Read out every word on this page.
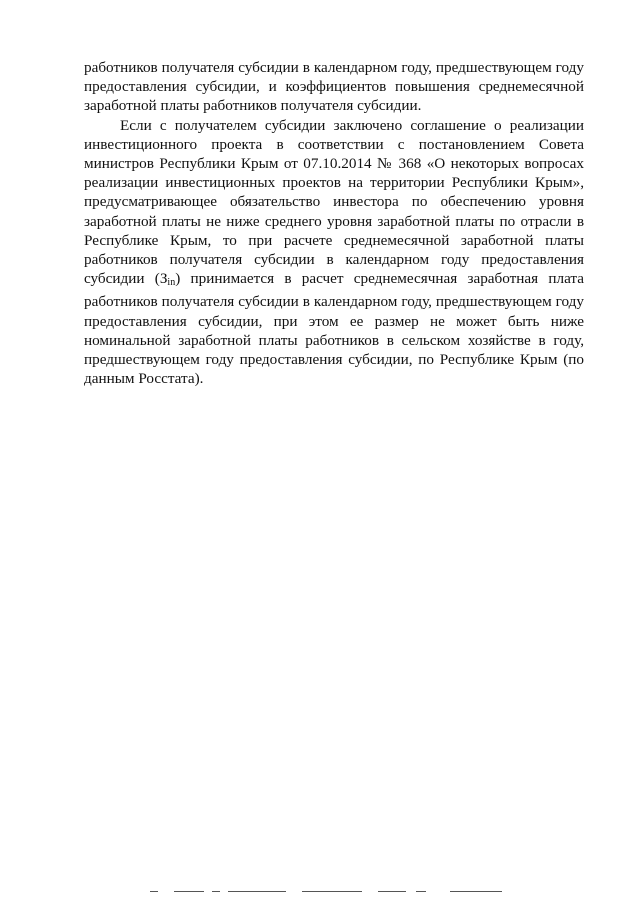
работников получателя субсидии в календарном году, предшествующем году предоставления субсидии, и коэффициентов повышения среднемесячной заработной платы работников получателя субсидии.

Если с получателем субсидии заключено соглашение о реализации инвестиционного проекта в соответствии с постановлением Совета министров Республики Крым от 07.10.2014 № 368 «О некоторых вопросах реализации инвестиционных проектов на территории Республики Крым», предусматривающее обязательство инвестора по обеспечению уровня заработной платы не ниже среднего уровня заработной платы по отрасли в Республике Крым, то при расчете среднемесячной заработной платы работников получателя субсидии в календарном году предоставления субсидии $(З_{in})$ принимается в расчет среднемесячная заработная плата работников получателя субсидии в календарном году, предшествующем году предоставления субсидии, при этом ее размер не может быть ниже номинальной заработной платы работников в сельском хозяйстве в году, предшествующем году предоставления субсидии, по Республике Крым (по данным Росстата).
